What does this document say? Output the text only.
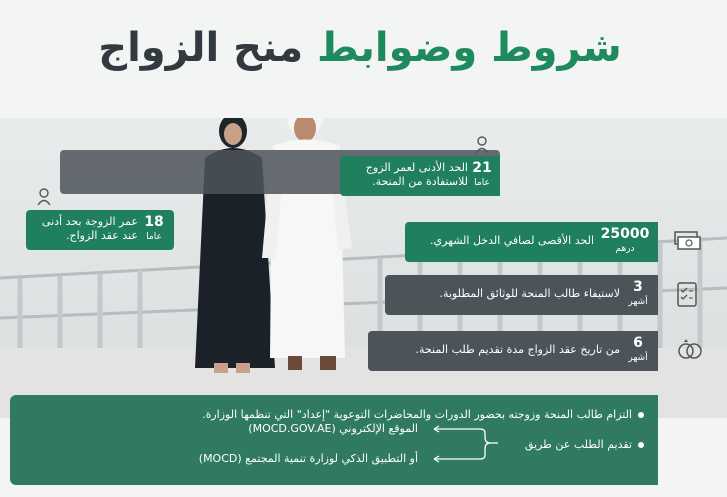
شروط وضوابط منح الزواج
الحد الأدنى لعمر الزوج للاستفادة من المنحة.
21
عاما
عمر الزوجة بحد أدنى عند عقد الزواج.
18
عاما	الحد الأقصى لصافي الدخل الشهري. 25000
درهم
لاستيفاء طالب المنحة للوثائق المطلوبة. 3
أشهر
من تاريخ عقد الزواج مدة تقديم طلب المنحة. 6
أشهر
التزام طالب المنحة وزوجته بحضور الدورات والمحاضرات التوعوية "إعداد" التي تنظمها الوزارة.
تقديم الطلب عن طريق
الموقع الإلكتروني (MOCD.GOV.AE)
أو التطبيق الذكي لوزارة تنمية المجتمع (MOCD)
